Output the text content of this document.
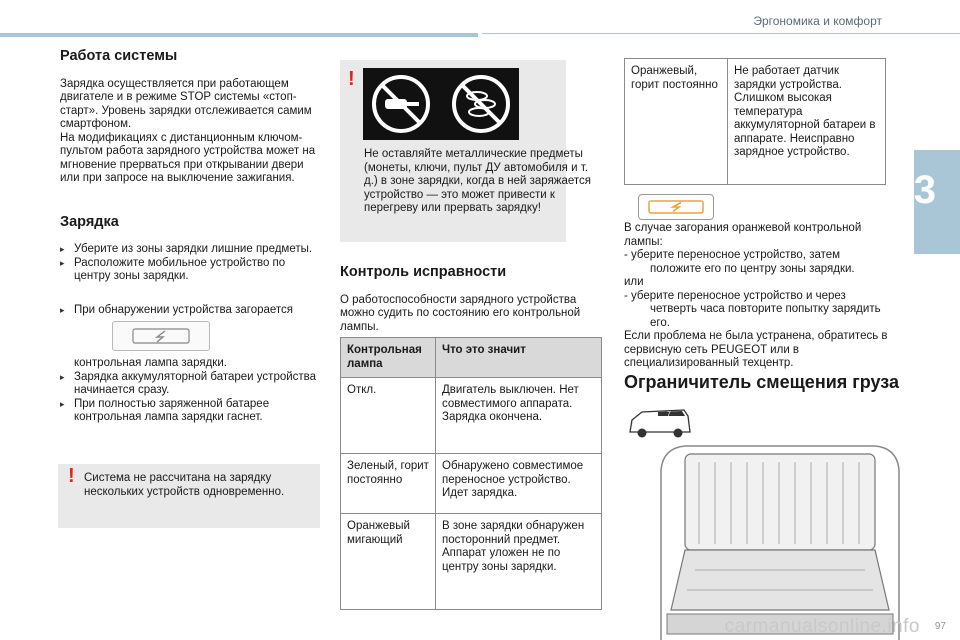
Эргономика и комфорт
3
Работа системы

Зарядка осуществляется при работающем двигателе и в режиме STOP системы «стоп-старт». Уровень зарядки отслеживается самим смартфоном.

На модификациях с дистанционным ключом-пультом работа зарядного устройства может на мгновение прерваться при открывании двери или при запросе на выключение зажигания.

Зарядка
▸ Уберите из зоны зарядки лишние предметы.
▸ Расположите мобильное устройство по центру зоны зарядки.
▸ При обнаружении устройства загорается
контрольная лампа зарядки.
▸ Зарядка аккумуляторной батареи устройства начинается сразу.
▸ При полностью заряженной батарее контрольная лампа зарядки гаснет.
! Система не рассчитана на зарядку нескольких устройств одновременно.
!
Не оставляйте металлические предметы (монеты, ключи, пульт ДУ автомобиля и т. д.) в зоне зарядки, когда в ней заряжается устройство — это может привести к перегреву или прервать зарядку!
Контроль исправности

О работоспособности зарядного устройства можно судить по состоянию его контрольной лампы.

Контрольная лампа	Что это значит
Откл.	Двигатель выключен. Нет совместимого аппарата. Зарядка окончена.
Зеленый, горит постоянно	Обнаружено совместимое переносное устройство. Идет зарядка.
Оранжевый мигающий	В зоне зарядки обнаружен посторонний предмет. Аппарат уложен не по центру зоны зарядки.
Оранжевый, горит постоянно	Не работает датчик зарядки устройства. Слишком высокая температура аккумуляторной батареи в аппарате. Неисправно зарядное устройство.
В случае загорания оранжевой контрольной лампы:
- уберите переносное устройство, затем положите его по центру зоны зарядки.
или
- уберите переносное устройство и через четверть часа повторите попытку зарядить его.
Если проблема не была устранена, обратитесь в сервисную сеть PEUGEOT или в специализированный техцентр.
Ограничитель смещения груза
7
97
carmanualsonline.info
